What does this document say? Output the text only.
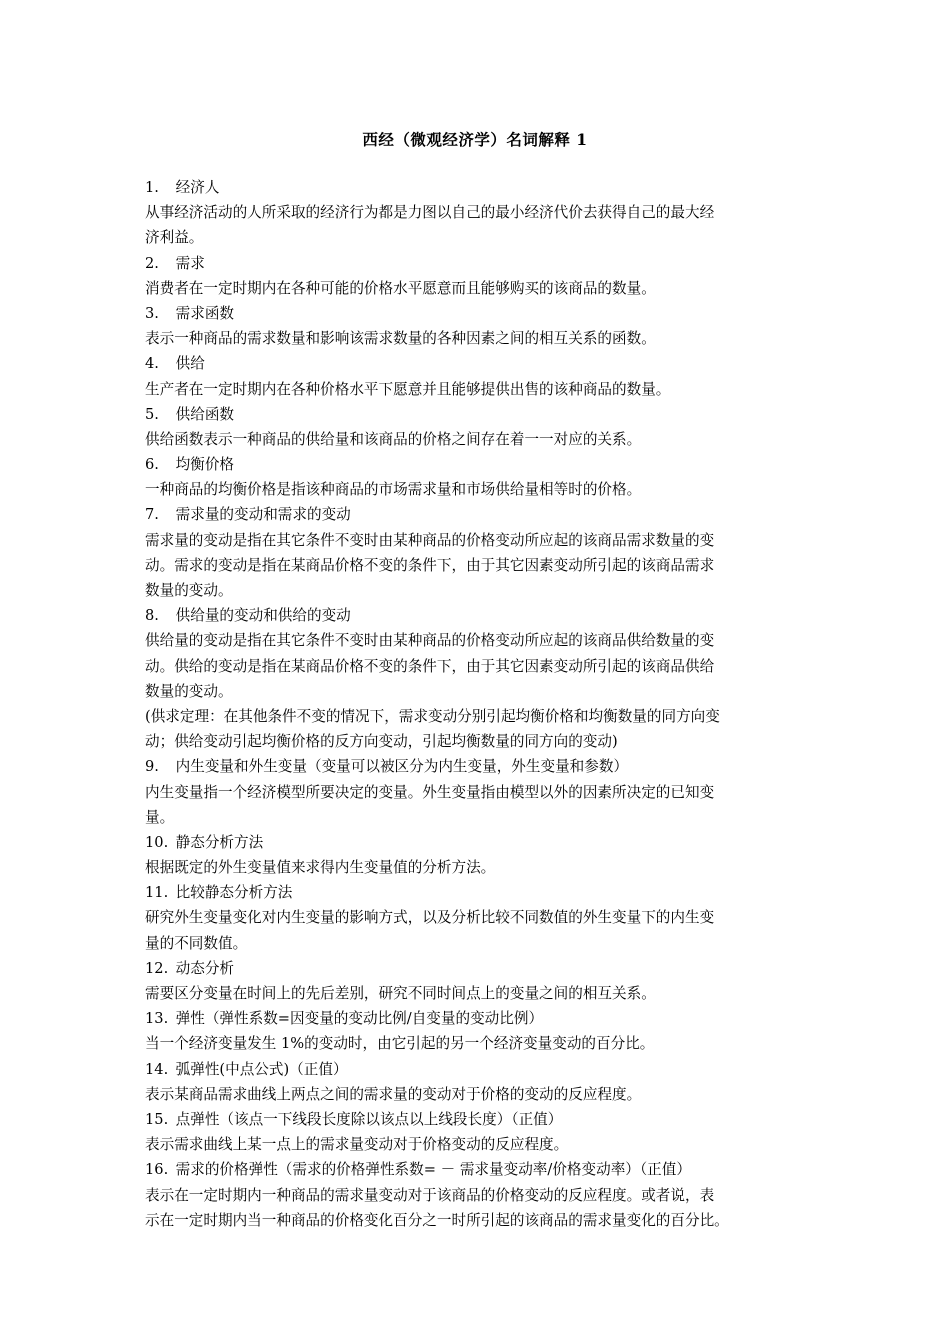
西经（微观经济学）名词解释 1
1. 经济人
从事经济活动的人所采取的经济行为都是力图以自己的最小经济代价去获得自己的最大经
济利益。
2. 需求
消费者在一定时期内在各种可能的价格水平愿意而且能够购买的该商品的数量。
3. 需求函数
表示一种商品的需求数量和影响该需求数量的各种因素之间的相互关系的函数。
4. 供给
生产者在一定时期内在各种价格水平下愿意并且能够提供出售的该种商品的数量。
5. 供给函数
供给函数表示一种商品的供给量和该商品的价格之间存在着一一对应的关系。
6. 均衡价格
一种商品的均衡价格是指该种商品的市场需求量和市场供给量相等时的价格。
7. 需求量的变动和需求的变动
需求量的变动是指在其它条件不变时由某种商品的价格变动所应起的该商品需求数量的变
动。需求的变动是指在某商品价格不变的条件下，由于其它因素变动所引起的该商品需求
数量的变动。
8. 供给量的变动和供给的变动
供给量的变动是指在其它条件不变时由某种商品的价格变动所应起的该商品供给数量的变
动。供给的变动是指在某商品价格不变的条件下，由于其它因素变动所引起的该商品供给
数量的变动。
(供求定理：在其他条件不变的情况下，需求变动分别引起均衡价格和均衡数量的同方向变
动；供给变动引起均衡价格的反方向变动，引起均衡数量的同方向的变动)
9. 内生变量和外生变量（变量可以被区分为内生变量，外生变量和参数）
内生变量指一个经济模型所要决定的变量。外生变量指由模型以外的因素所决定的已知变
量。
10. 静态分析方法
根据既定的外生变量值来求得内生变量值的分析方法。
11. 比较静态分析方法
研究外生变量变化对内生变量的影响方式，以及分析比较不同数值的外生变量下的内生变
量的不同数值。
12. 动态分析
需要区分变量在时间上的先后差别，研究不同时间点上的变量之间的相互关系。
13. 弹性（弹性系数=因变量的变动比例/自变量的变动比例）
当一个经济变量发生 1%的变动时，由它引起的另一个经济变量变动的百分比。
14. 弧弹性(中点公式)（正值）
表示某商品需求曲线上两点之间的需求量的变动对于价格的变动的反应程度。
15. 点弹性（该点一下线段长度除以该点以上线段长度）（正值）
表示需求曲线上某一点上的需求量变动对于价格变动的反应程度。
16. 需求的价格弹性（需求的价格弹性系数= － 需求量变动率/价格变动率）（正值）
表示在一定时期内一种商品的需求量变动对于该商品的价格变动的反应程度。或者说，表
示在一定时期内当一种商品的价格变化百分之一时所引起的该商品的需求量变化的百分比。
